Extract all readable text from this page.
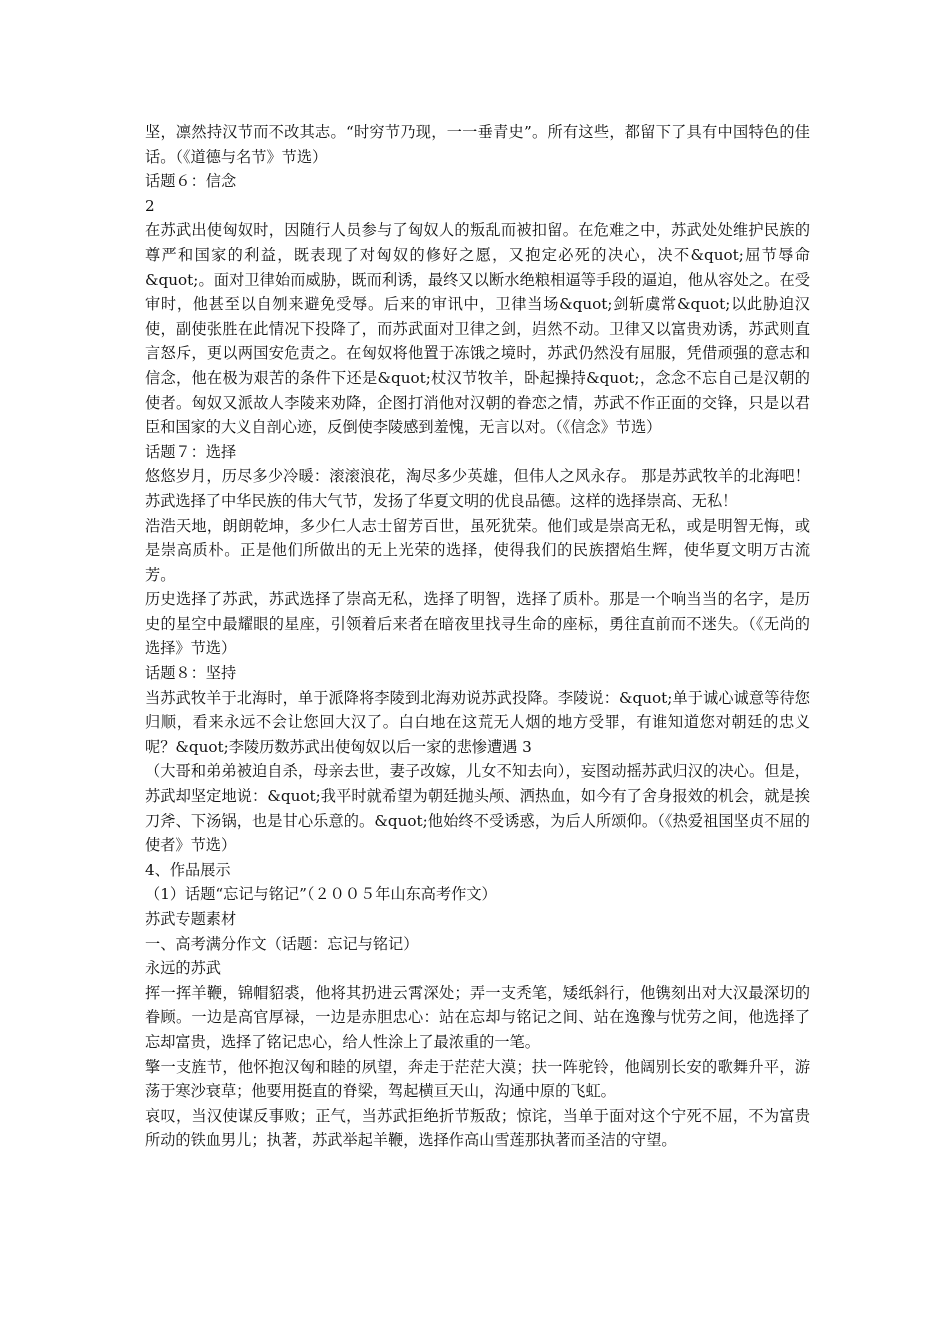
坚，凛然持汉节而不改其志。“时穷节乃现，一一垂青史”。所有这些，都留下了具有中国特色的佳话。（《道德与名节》节选）

话题６：信念

2

在苏武出使匈奴时，因随行人员参与了匈奴人的叛乱而被扣留。在危难之中，苏武处处维护民族的尊严和国家的利益，既表现了对匈奴的修好之愿，又抱定必死的决心，决不&quot;屈节辱命&quot;。面对卫律始而威胁，既而利诱，最终又以断水绝粮相逼等手段的逼迫，他从容处之。在受审时，他甚至以自刎来避免受辱。后来的审讯中，卫律当场&quot;剑斩虞常&quot;以此胁迫汉使，副使张胜在此情况下投降了，而苏武面对卫律之剑，岿然不动。卫律又以富贵劝诱，苏武则直言怒斥，更以两国安危责之。在匈奴将他置于冻饿之境时，苏武仍然没有屈服，凭借顽强的意志和信念，他在极为艰苦的条件下还是&quot;杖汉节牧羊，卧起操持&quot;，念念不忘自己是汉朝的使者。匈奴又派故人李陵来劝降，企图打消他对汉朝的眷恋之情，苏武不作正面的交锋，只是以君臣和国家的大义自剖心迹，反倒使李陵感到羞愧，无言以对。（《信念》节选）

话题７：选择

悠悠岁月，历尽多少冷暖：滚滚浪花，淘尽多少英雄，但伟人之风永存。 那是苏武牧羊的北海吧！苏武选择了中华民族的伟大气节，发扬了华夏文明的优良品德。这样的选择崇高、无私！

浩浩天地，朗朗乾坤，多少仁人志士留芳百世，虽死犹荣。他们或是崇高无私，或是明智无悔，或是崇高质朴。正是他们所做出的无上光荣的选择，使得我们的民族摺焰生辉，使华夏文明万古流芳。

历史选择了苏武，苏武选择了崇高无私，选择了明智，选择了质朴。那是一个响当当的名字，是历史的星空中最耀眼的星座，引领着后来者在暗夜里找寻生命的座标，勇往直前而不迷失。（《无尚的选择》节选）

话题８：坚持

当苏武牧羊于北海时，单于派降将李陵到北海劝说苏武投降。李陵说：&quot;单于诚心诚意等待您归顺，看来永远不会让您回大汉了。白白地在这荒无人烟的地方受罪，有谁知道您对朝廷的忠义呢？&quot;李陵历数苏武出使匈奴以后一家的悲惨遭遇 3

（大哥和弟弟被迫自杀，母亲去世，妻子改嫁，儿女不知去向），妄图动摇苏武归汉的决心。但是，苏武却坚定地说：&quot;我平时就希望为朝廷抛头颅、洒热血，如今有了舍身报效的机会，就是挨刀斧、下汤锅，也是甘心乐意的。&quot;他始终不受诱惑，为后人所颂仰。（《热爱祖国坚贞不屈的使者》节选）

4、作品展示

（1）话题“忘记与铭记”（２００５年山东高考作文）

苏武专题素材

一、高考满分作文（话题：忘记与铭记）

永远的苏武

挥一挥羊鞭，锦帽貂裘，他将其扔进云霄深处；弄一支秃笔，矮纸斜行，他镌刻出对大汉最深切的眷顾。一边是高官厚禄，一边是赤胆忠心：站在忘却与铭记之间、站在逸豫与忧劳之间，他选择了忘却富贵，选择了铭记忠心，给人性涂上了最浓重的一笔。

擎一支旌节，他怀抱汉匈和睦的夙望，奔走于茫茫大漠；扶一阵驼铃，他阔别长安的歌舞升平，游荡于寒沙衰草；他要用挺直的脊梁，驾起横亘天山，沟通中原的飞虹。

哀叹，当汉使谋反事败；正气，当苏武拒绝折节叛敌；惊诧，当单于面对这个宁死不屈，不为富贵所动的铁血男儿；执著，苏武举起羊鞭，选择作高山雪莲那执著而圣洁的守望。
